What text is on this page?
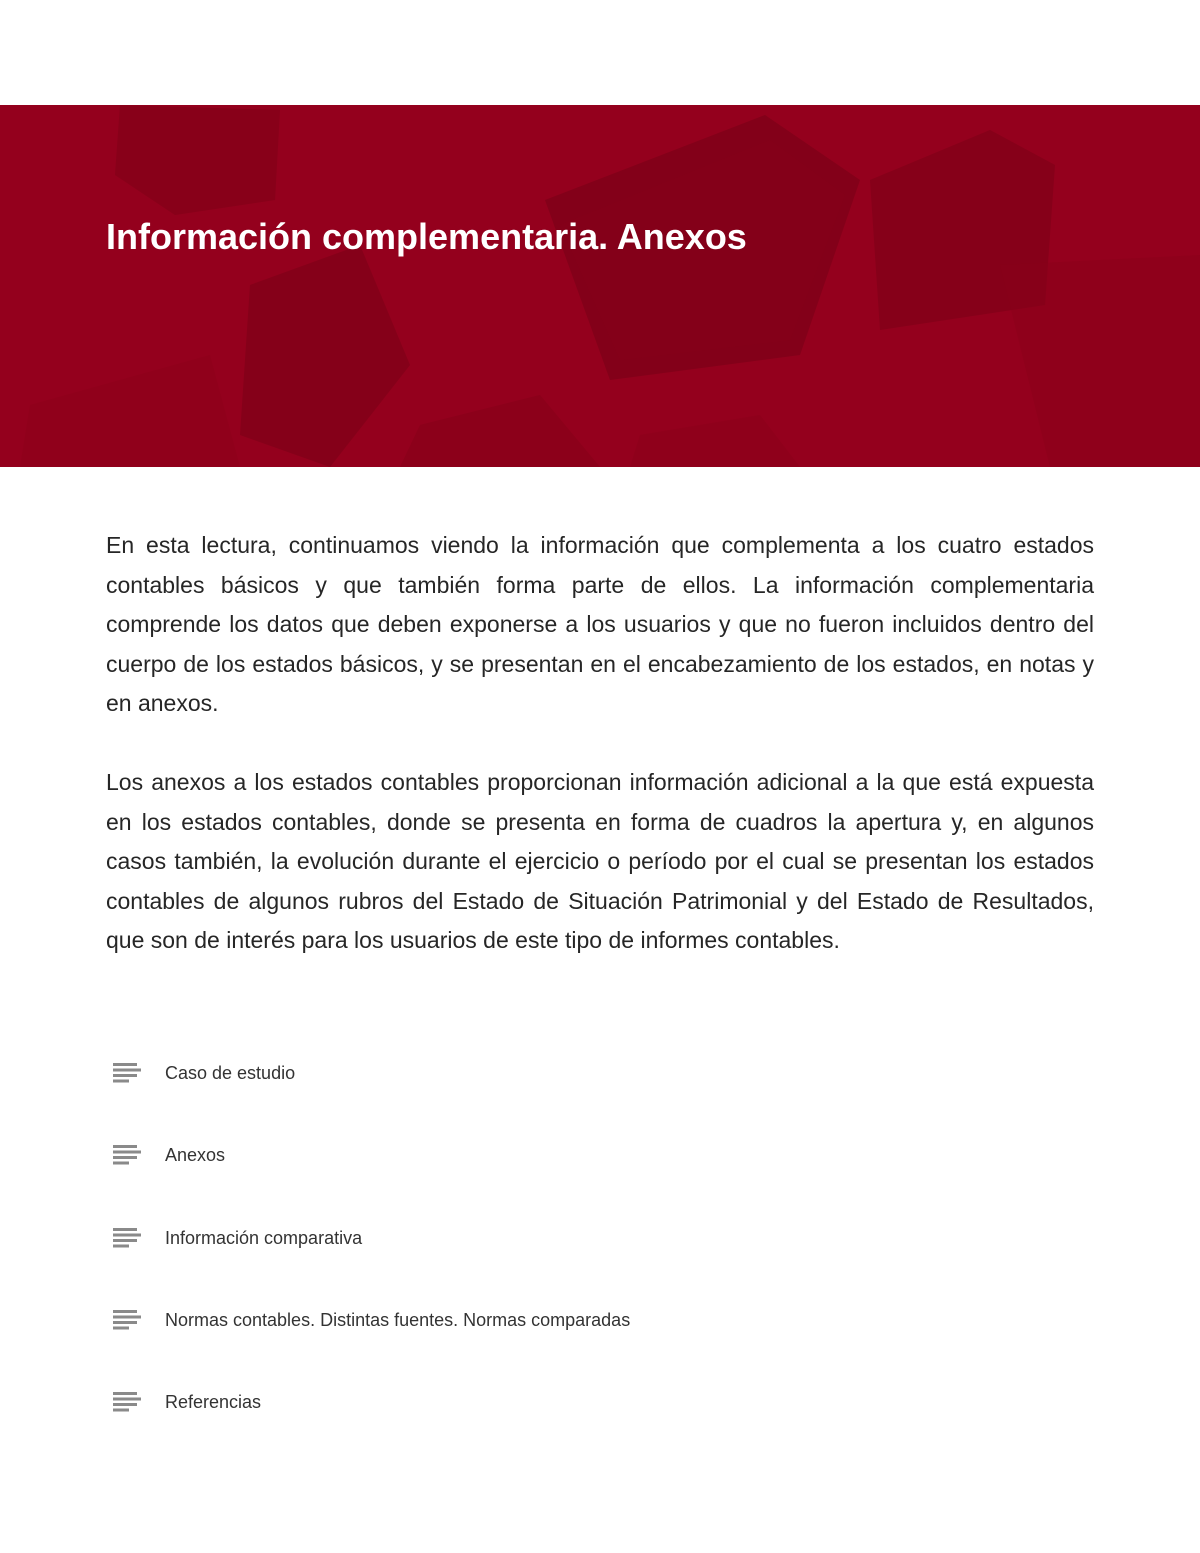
Información complementaria. Anexos

En esta lectura, continuamos viendo la información que complementa a los cuatro estados contables básicos y que también forma parte de ellos. La información complementaria comprende los datos que deben exponerse a los usuarios y que no fueron incluidos dentro del cuerpo de los estados básicos, y se presentan en el encabezamiento de los estados, en notas y en anexos.

Los anexos a los estados contables proporcionan información adicional a la que está expuesta en los estados contables, donde se presenta en forma de cuadros la apertura y, en algunos casos también, la evolución durante el ejercicio o período por el cual se presentan los estados contables de algunos rubros del Estado de Situación Patrimonial y del Estado de Resultados, que son de interés para los usuarios de este tipo de informes contables.

Caso de estudio
Anexos
Información comparativa
Normas contables. Distintas fuentes. Normas comparadas
Referencias
